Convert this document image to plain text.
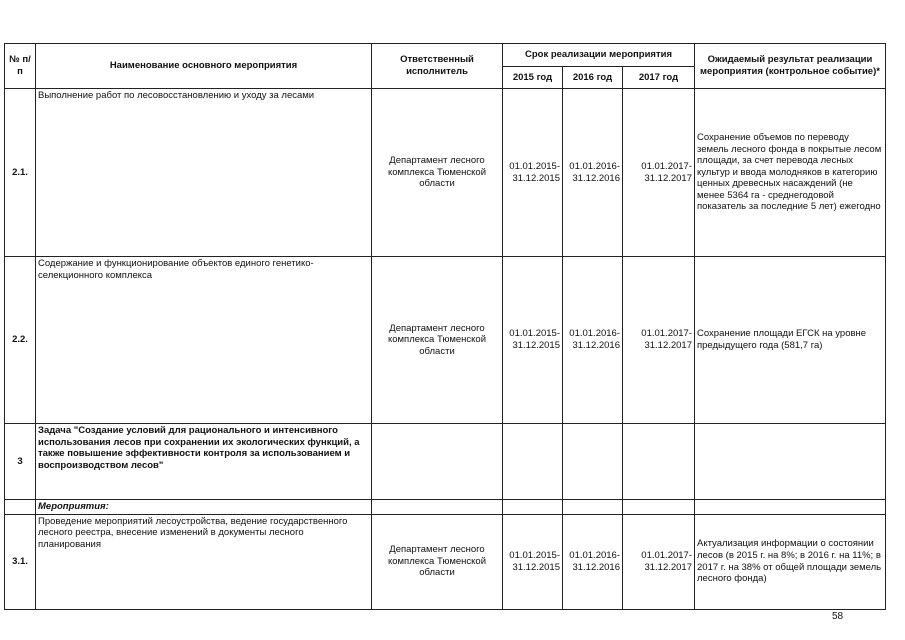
№ п/п	Наименование основного мероприятия	Ответственный исполнитель	Срок реализации мероприятия			Ожидаемый результат реализации мероприятия (контрольное событие)*
			2015 год	2016 год	2017 год	
2.1.	Выполнение работ по лесовосстановлению и уходу за лесами	Департамент лесного комплекса Тюменской области	01.01.2015-31.12.2015	01.01.2016-31.12.2016	01.01.2017-31.12.2017	Сохранение объемов по переводу земель лесного фонда в покрытые лесом площади, за счет перевода лесных культур и ввода молодняков в категорию ценных древесных насаждений (не менее 5364 га - среднегодовой показатель за последние 5 лет) ежегодно
2.2.	Содержание и функционирование объектов единого генетико-селекционного комплекса	Департамент лесного комплекса Тюменской области	01.01.2015-31.12.2015	01.01.2016-31.12.2016	01.01.2017-31.12.2017	Сохранение площади ЕГСК на уровне предыдущего года (581,7 га)
3	Задача "Создание условий для рационального и интенсивного использования лесов при сохранении их экологических функций, а также повышение эффективности контроля за использованием и воспроизводством лесов"					
	Мероприятия:					
3.1.	Проведение мероприятий лесоустройства, ведение государственного лесного реестра, внесение изменений в документы лесного планирования	Департамент лесного комплекса Тюменской области	01.01.2015-31.12.2015	01.01.2016-31.12.2016	01.01.2017-31.12.2017	Актуализация информации о состоянии лесов (в 2015 г. на 8%; в 2016 г. на 11%; в 2017 г. на 38% от общей площади земель лесного фонда)
58
